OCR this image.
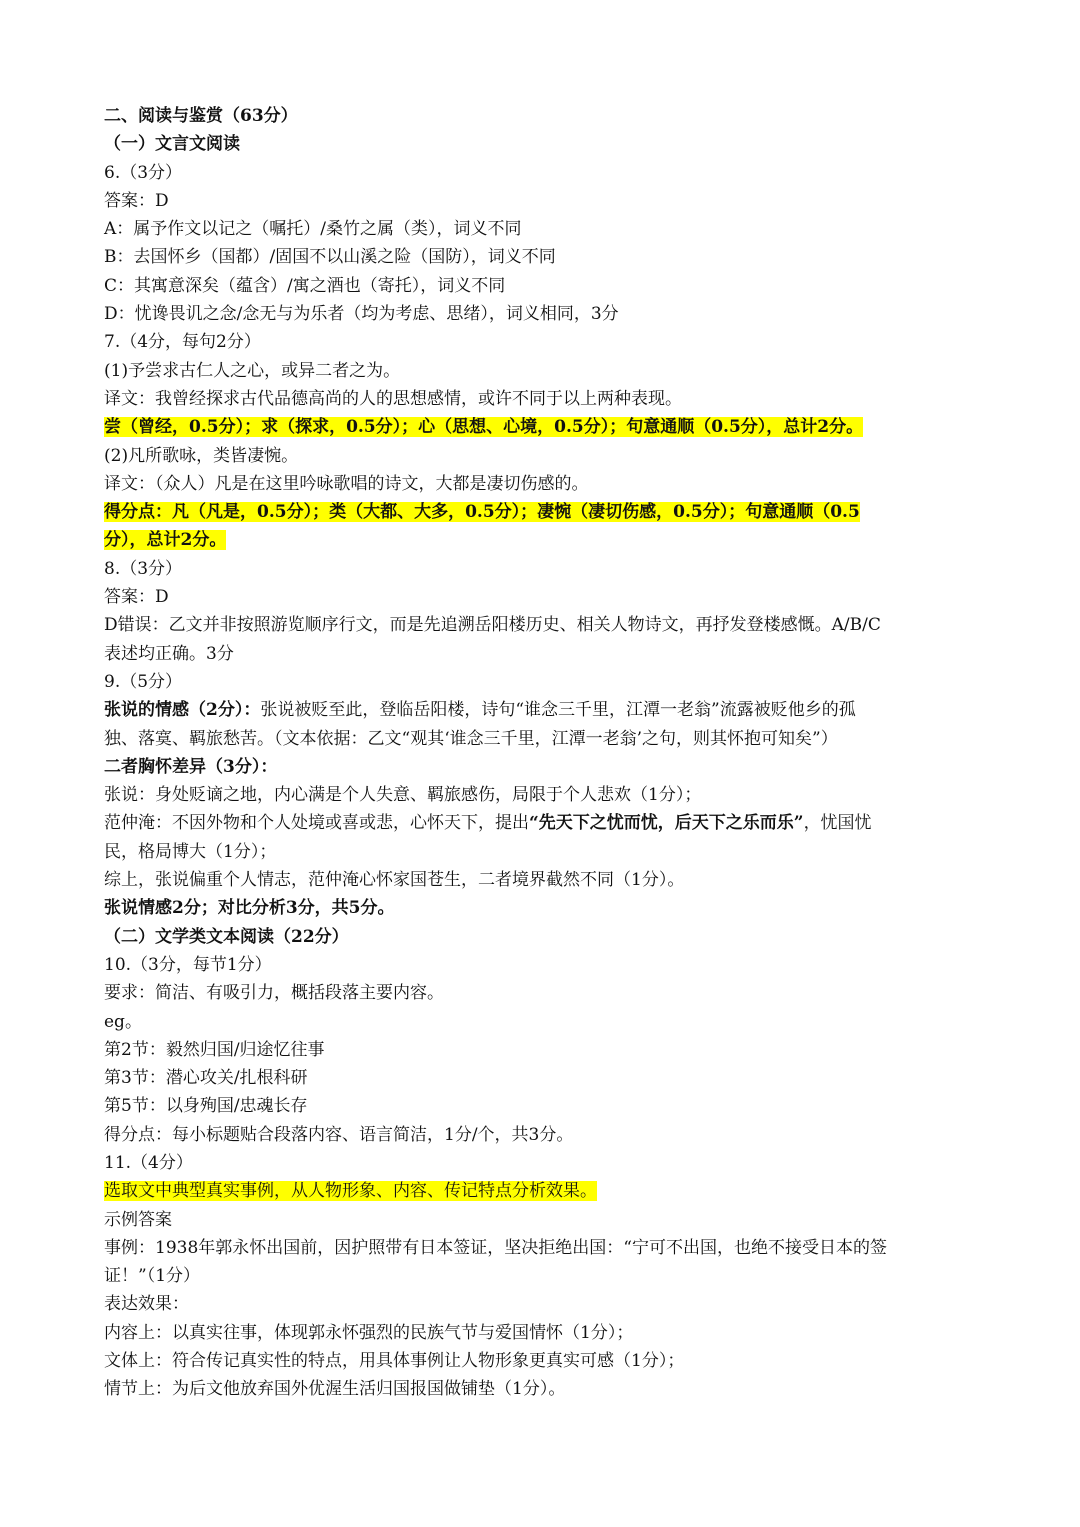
二、阅读与鉴赏（63分）
（一）文言文阅读
6.（3分）
答案：D
A：属予作文以记之（嘱托）/桑竹之属（类），词义不同
B：去国怀乡（国都）/固国不以山溪之险（国防），词义不同
C：其寓意深矣（蕴含）/寓之酒也（寄托），词义不同
D：忧谗畏讥之念/念无与为乐者（均为考虑、思绪），词义相同，3分
7.（4分，每句2分）
(1)予尝求古仁人之心，或异二者之为。
译文：我曾经探求古代品德高尚的人的思想感情，或许不同于以上两种表现。
尝（曾经，0.5分）；求（探求，0.5分）；心（思想、心境，0.5分）；句意通顺（0.5分），总计2分。
(2)凡所歌咏，类皆凄惋。
译文：（众人）凡是在这里吟咏歌唱的诗文，大都是凄切伤感的。
得分点：凡（凡是，0.5分）；类（大都、大多，0.5分）；凄惋（凄切伤感，0.5分）；句意通顺（0.5
分），总计2分。
8.（3分）
答案：D
D错误：乙文并非按照游览顺序行文，而是先追溯岳阳楼历史、相关人物诗文，再抒发登楼感慨。A/B/C
表述均正确。3分
9.（5分）
张说的情感（2分）：张说被贬至此，登临岳阳楼，诗句“谁念三千里，江潭一老翁”流露被贬他乡的孤
独、落寞、羁旅愁苦。（文本依据：乙文“观其‘谁念三千里，江潭一老翁’之句，则其怀抱可知矣”）
二者胸怀差异（3分）：
张说：身处贬谪之地，内心满是个人失意、羁旅感伤，局限于个人悲欢（1分）；
范仲淹：不因外物和个人处境或喜或悲，心怀天下，提出“先天下之忧而忧，后天下之乐而乐”，忧国忧
民，格局博大（1分）；
综上，张说偏重个人情志，范仲淹心怀家国苍生，二者境界截然不同（1分）。
张说情感2分；对比分析3分，共5分。
（二）文学类文本阅读（22分）
10.（3分，每节1分）
要求：简洁、有吸引力，概括段落主要内容。
eg。
第2节：毅然归国/归途忆往事
第3节：潜心攻关/扎根科研
第5节：以身殉国/忠魂长存
得分点：每小标题贴合段落内容、语言简洁，1分/个，共3分。
11.（4分）
选取文中典型真实事例，从人物形象、内容、传记特点分析效果。
示例答案
事例：1938年郭永怀出国前，因护照带有日本签证，坚决拒绝出国：“宁可不出国，也绝不接受日本的签
证！”（1分）
表达效果：
内容上：以真实往事，体现郭永怀强烈的民族气节与爱国情怀（1分）；
文体上：符合传记真实性的特点，用具体事例让人物形象更真实可感（1分）；
情节上：为后文他放弃国外优渥生活归国报国做铺垫（1分）。
